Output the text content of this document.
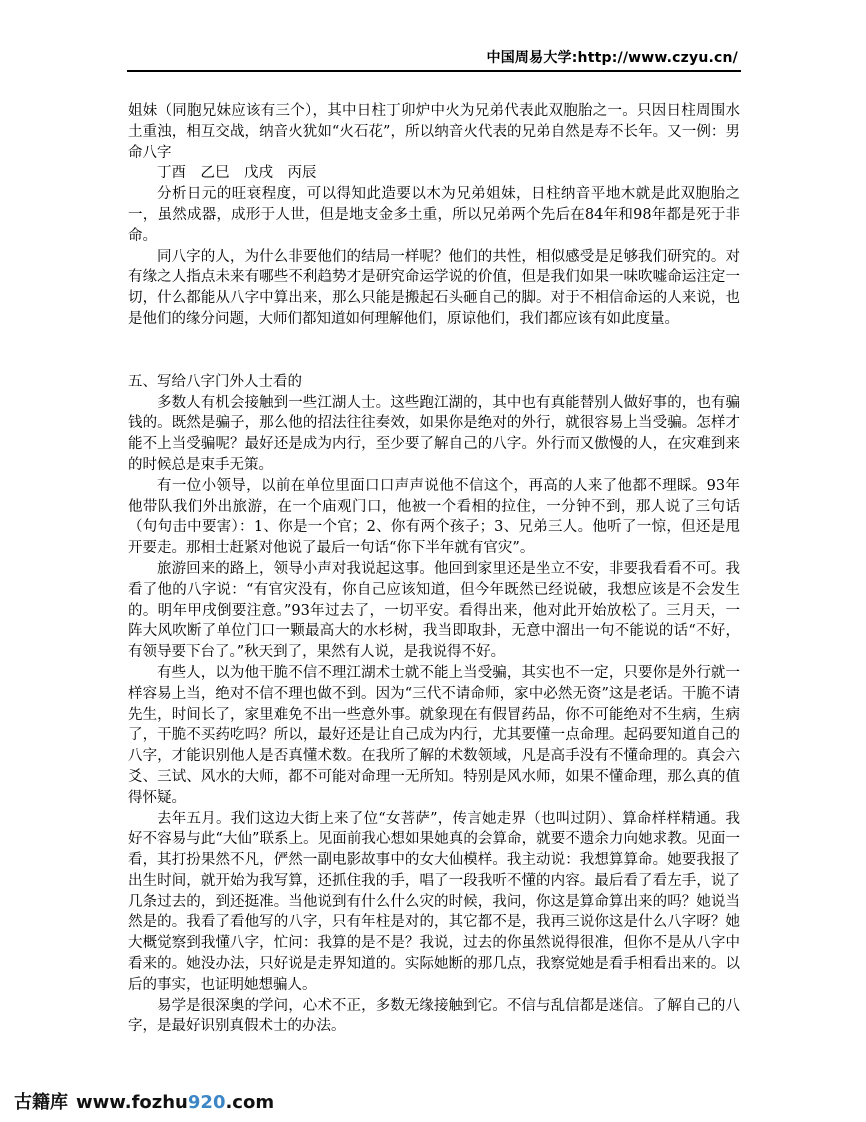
中国周易大学:http://www.czyu.cn/

姐妹（同胞兄妹应该有三个），其中日柱丁卯炉中火为兄弟代表此双胞胎之一。只因日柱周围水土重浊，相互交战，纳音火犹如“火石花”，所以纳音火代表的兄弟自然是寿不长年。又一例：男命八字

丁酉　乙巳　戊戌　丙辰

分析日元的旺衰程度，可以得知此造要以木为兄弟姐妹，日柱纳音平地木就是此双胞胎之一，虽然成器，成形于人世，但是地支金多土重，所以兄弟两个先后在84年和98年都是死于非命。

同八字的人，为什么非要他们的结局一样呢？他们的共性，相似感受是足够我们研究的。对有缘之人指点未来有哪些不利趋势才是研究命运学说的价值，但是我们如果一味吹嘘命运注定一切，什么都能从八字中算出来，那么只能是搬起石头砸自己的脚。对于不相信命运的人来说，也是他们的缘分问题，大师们都知道如何理解他们，原谅他们，我们都应该有如此度量。

五、写给八字门外人士看的

多数人有机会接触到一些江湖人士。这些跑江湖的，其中也有真能替别人做好事的，也有骗钱的。既然是骗子，那么他的招法往往奏效，如果你是绝对的外行，就很容易上当受骗。怎样才能不上当受骗呢？最好还是成为内行，至少要了解自己的八字。外行而又傲慢的人，在灾难到来的时候总是束手无策。

有一位小领导，以前在单位里面口口声声说他不信这个，再高的人来了他都不理睬。93年他带队我们外出旅游，在一个庙观门口，他被一个看相的拉住，一分钟不到，那人说了三句话（句句击中要害）：1、你是一个官；2、你有两个孩子；3、兄弟三人。他听了一惊，但还是甩开要走。那相士赶紧对他说了最后一句话“你下半年就有官灾”。

旅游回来的路上，领导小声对我说起这事。他回到家里还是坐立不安，非要我看看不可。我看了他的八字说：“有官灾没有，你自己应该知道，但今年既然已经说破，我想应该是不会发生的。明年甲戌倒要注意。”93年过去了，一切平安。看得出来，他对此开始放松了。三月天，一阵大风吹断了单位门口一颗最高大的水杉树，我当即取卦，无意中溜出一句不能说的话“不好，有领导要下台了。”秋天到了，果然有人说，是我说得不好。

有些人，以为他干脆不信不理江湖术士就不能上当受骗，其实也不一定，只要你是外行就一样容易上当，绝对不信不理也做不到。因为“三代不请命师，家中必然无资”这是老话。干脆不请先生，时间长了，家里难免不出一些意外事。就象现在有假冒药品，你不可能绝对不生病，生病了，干脆不买药吃吗？所以，最好还是让自己成为内行，尤其要懂一点命理。起码要知道自己的八字，才能识别他人是否真懂术数。在我所了解的术数领域，凡是高手没有不懂命理的。真会六爻、三试、风水的大师，都不可能对命理一无所知。特别是风水师，如果不懂命理，那么真的值得怀疑。

去年五月。我们这边大街上来了位“女菩萨”，传言她走界（也叫过阴）、算命样样精通。我好不容易与此“大仙”联系上。见面前我心想如果她真的会算命，就要不遗余力向她求教。见面一看，其打扮果然不凡，俨然一副电影故事中的女大仙模样。我主动说：我想算算命。她要我报了出生时间，就开始为我写算，还抓住我的手，唱了一段我听不懂的内容。最后看了看左手，说了几条过去的，到还挺准。当他说到有什么什么灾的时候，我问，你这是算命算出来的吗？她说当然是的。我看了看他写的八字，只有年柱是对的，其它都不是，我再三说你这是什么八字呀？她大概觉察到我懂八字，忙问：我算的是不是？我说，过去的你虽然说得很准，但你不是从八字中看来的。她没办法，只好说是走界知道的。实际她断的那几点，我察觉她是看手相看出来的。以后的事实，也证明她想骗人。

易学是很深奥的学问，心术不正，多数无缘接触到它。不信与乱信都是迷信。了解自己的八字，是最好识别真假术士的办法。

古籍库 www.fozhu920.com
